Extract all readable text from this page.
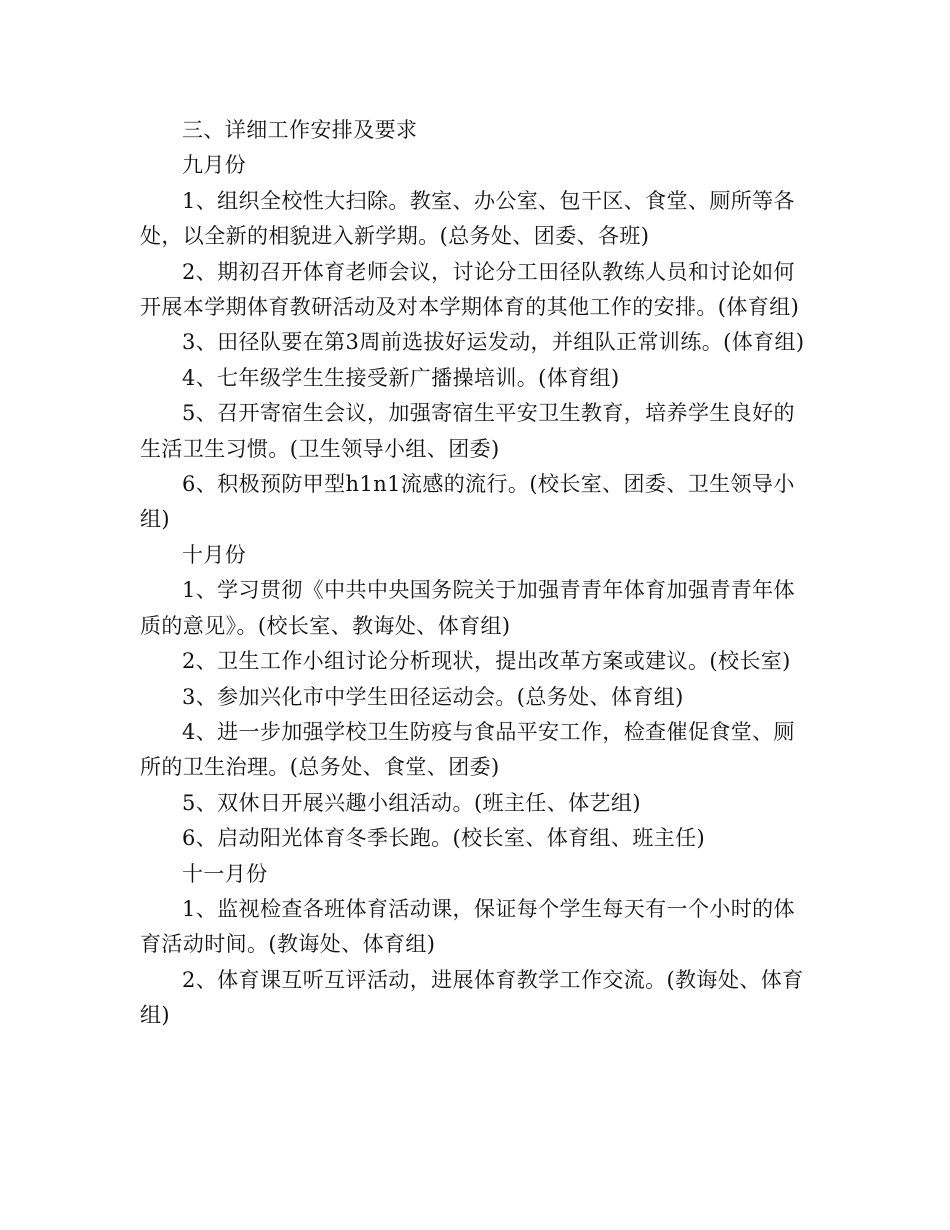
三、详细工作安排及要求

九月份

1、组织全校性大扫除。教室、办公室、包干区、食堂、厕所等各处，以全新的相貌进入新学期。(总务处、团委、各班)

2、期初召开体育老师会议，讨论分工田径队教练人员和讨论如何开展本学期体育教研活动及对本学期体育的其他工作的安排。(体育组)

3、田径队要在第3周前选拔好运发动，并组队正常训练。(体育组)

4、七年级学生生接受新广播操培训。(体育组)

5、召开寄宿生会议，加强寄宿生平安卫生教育，培养学生良好的生活卫生习惯。(卫生领导小组、团委)

6、积极预防甲型h1n1流感的流行。(校长室、团委、卫生领导小组)

十月份

1、学习贯彻《中共中央国务院关于加强青青年体育加强青青年体质的意见》。(校长室、教诲处、体育组)

2、卫生工作小组讨论分析现状，提出改革方案或建议。(校长室)

3、参加兴化市中学生田径运动会。(总务处、体育组)

4、进一步加强学校卫生防疫与食品平安工作，检查催促食堂、厕所的卫生治理。(总务处、食堂、团委)

5、双休日开展兴趣小组活动。(班主任、体艺组)

6、启动阳光体育冬季长跑。(校长室、体育组、班主任)

十一月份

1、监视检查各班体育活动课，保证每个学生每天有一个小时的体育活动时间。(教诲处、体育组)

2、体育课互听互评活动，进展体育教学工作交流。(教诲处、体育组)
